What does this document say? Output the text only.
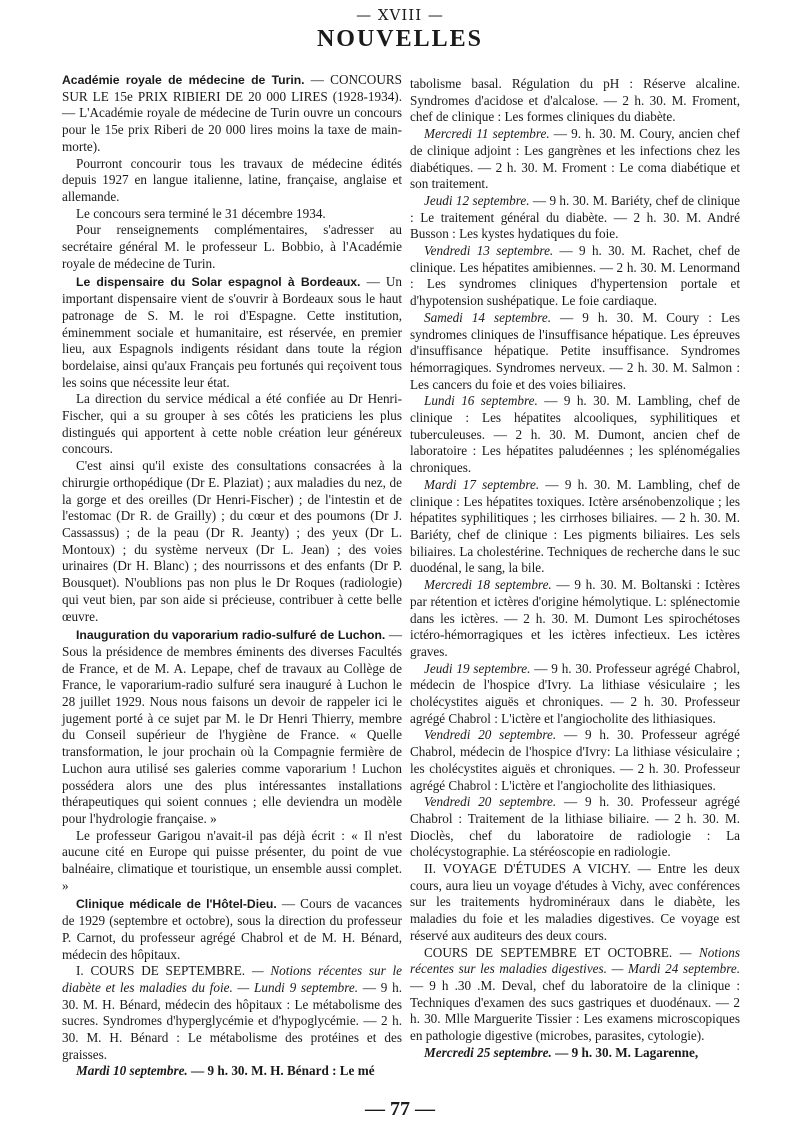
— XVIII —
NOUVELLES

Académie royale de médecine de Turin. — CONCOURS SUR LE 15e PRIX RIBIERI DE 20 000 LIRES (1928-1934). — L'Académie royale de médecine de Turin ouvre un concours pour le 15e prix Riberi de 20 000 lires moins la taxe de main-morte).

Pourront concourir tous les travaux de médecine édités depuis 1927 en langue italienne, latine, française, anglaise et allemande.

Le concours sera terminé le 31 décembre 1934.

Pour renseignements complémentaires, s'adresser au secrétaire général M. le professeur L. Bobbio, à l'Académie royale de médecine de Turin.

Le dispensaire du Solar espagnol à Bordeaux. — Un important dispensaire vient de s'ouvrir à Bordeaux sous le haut patronage de S. M. le roi d'Espagne. Cette institution, éminemment sociale et humanitaire, est réservée, en premier lieu, aux Espagnols indigents résidant dans toute la région bordelaise, ainsi qu'aux Français peu fortunés qui reçoivent tous les soins que nécessite leur état.

La direction du service médical a été confiée au Dr Henri-Fischer, qui a su grouper à ses côtés les praticiens les plus distingués qui apportent à cette noble création leur généreux concours.

C'est ainsi qu'il existe des consultations consacrées à la chirurgie orthopédique (Dr E. Plaziat) ; aux maladies du nez, de la gorge et des oreilles (Dr Henri-Fischer) ; de l'intestin et de l'estomac (Dr R. de Grailly) ; du cœur et des poumons (Dr J. Cassassus) ; de la peau (Dr R. Jeanty) ; des yeux (Dr L. Montoux) ; du système nerveux (Dr L. Jean) ; des voies urinaires (Dr H. Blanc) ; des nourrissons et des enfants (Dr P. Bousquet). N'oublions pas non plus le Dr Roques (radiologie) qui veut bien, par son aide si précieuse, contribuer à cette belle œuvre.

Inauguration du vaporarium radio-sulfuré de Luchon. — Sous la présidence de membres éminents des diverses Facultés de France, et de M. A. Lepape, chef de travaux au Collège de France, le vaporarium-radio sulfuré sera inauguré à Luchon le 28 juillet 1929. Nous nous faisons un devoir de rappeler ici le jugement porté à ce sujet par M. le Dr Henri Thierry, membre du Conseil supérieur de l'hygiène de France. « Quelle transformation, le jour prochain où la Compagnie fermière de Luchon aura utilisé ses galeries comme vaporarium ! Luchon possédera alors une des plus intéressantes installations thérapeutiques qui soient connues ; elle deviendra un modèle pour l'hydrologie française. »

Le professeur Garigou n'avait-il pas déjà écrit : « Il n'est aucune cité en Europe qui puisse présenter, du point de vue balnéaire, climatique et touristique, un ensemble aussi complet. »

Clinique médicale de l'Hôtel-Dieu. — Cours de vacances de 1929 (septembre et octobre), sous la direction du professeur P. Carnot, du professeur agrégé Chabrol et de M. H. Bénard, médecin des hôpitaux.

I. COURS DE SEPTEMBRE. — Notions récentes sur le diabète et les maladies du foie. — Lundi 9 septembre. — 9 h. 30. M. H. Bénard, médecin des hôpitaux : Le métabolisme des sucres. Syndromes d'hyperglycémie et d'hypoglycémie. — 2 h. 30. M. H. Bénard : Le métabolisme des protéines et des graisses.

Mardi 10 septembre. — 9 h. 30. M. H. Bénard : Le mé

tabolisme basal. Régulation du pH : Réserve alcaline. Syndromes d'acidose et d'alcalose. — 2 h. 30. M. Froment, chef de clinique : Les formes cliniques du diabète.

Mercredi 11 septembre. — 9. h. 30. M. Coury, ancien chef de clinique adjoint : Les gangrènes et les infections chez les diabétiques. — 2 h. 30. M. Froment : Le coma diabétique et son traitement.

Jeudi 12 septembre. — 9 h. 30. M. Bariéty, chef de clinique : Le traitement général du diabète. — 2 h. 30. M. André Busson : Les kystes hydatiques du foie.

Vendredi 13 septembre. — 9 h. 30. M. Rachet, chef de clinique. Les hépatites amibiennes. — 2 h. 30. M. Lenormand : Les syndromes cliniques d'hypertension portale et d'hypotension sushépatique. Le foie cardiaque.

Samedi 14 septembre. — 9 h. 30. M. Coury : Les syndromes cliniques de l'insuffisance hépatique. Les épreuves d'insuffisance hépatique. Petite insuffisance. Syndromes hémorragiques. Syndromes nerveux. — 2 h. 30. M. Salmon : Les cancers du foie et des voies biliaires.

Lundi 16 septembre. — 9 h. 30. M. Lambling, chef de clinique : Les hépatites alcooliques, syphilitiques et tuberculeuses. — 2 h. 30. M. Dumont, ancien chef de laboratoire : Les hépatites paludéennes ; les splénomégalies chroniques.

Mardi 17 septembre. — 9 h. 30. M. Lambling, chef de clinique : Les hépatites toxiques. Ictère arsénobenzolique ; les hépatites syphilitiques ; les cirrhoses biliaires. — 2 h. 30. M. Bariéty, chef de clinique : Les pigments biliaires. Les sels biliaires. La cholestérine. Techniques de recherche dans le suc duodénal, le sang, la bile.

Mercredi 18 septembre. — 9 h. 30. M. Boltanski : Ictères par rétention et ictères d'origine hémolytique. L: splénectomie dans les ictères. — 2 h. 30. M. Dumont Les spirochétoses ictéro-hémorragiques et les ictères infectieux. Les ictères graves.

Jeudi 19 septembre. — 9 h. 30. Professeur agrégé Chabrol, médecin de l'hospice d'Ivry. La lithiase vésiculaire ; les cholécystites aiguës et chroniques. — 2 h. 30. Professeur agrégé Chabrol : L'ictère et l'angiocholite des lithiasiques.

Vendredi 20 septembre. — 9 h. 30. Professeur agrégé Chabrol, médecin de l'hospice d'Ivry: La lithiase vésiculaire ; les cholécystites aiguës et chroniques. — 2 h. 30. Professeur agrégé Chabrol : L'ictère et l'angiocholite des lithiasiques.

Vendredi 20 septembre. — 9 h. 30. Professeur agrégé Chabrol : Traitement de la lithiase biliaire. — 2 h. 30. M. Dioclès, chef du laboratoire de radiologie : La cholécystographie. La stéréoscopie en radiologie.

II. VOYAGE D'ÉTUDES A VICHY. — Entre les deux cours, aura lieu un voyage d'études à Vichy, avec conférences sur les traitements hydrominéraux dans le diabète, les maladies du foie et les maladies digestives. Ce voyage est réservé aux auditeurs des deux cours.

COURS DE SEPTEMBRE ET OCTOBRE. — Notions récentes sur les maladies digestives. — Mardi 24 septembre. — 9 h .30 .M. Deval, chef du laboratoire de la clinique : Techniques d'examen des sucs gastriques et duodénaux. — 2 h. 30. Mlle Marguerite Tissier : Les examens microscopiques en pathologie digestive (microbes, parasites, cytologie).

Mercredi 25 septembre. — 9 h. 30. M. Lagarenne,

— 77 —
